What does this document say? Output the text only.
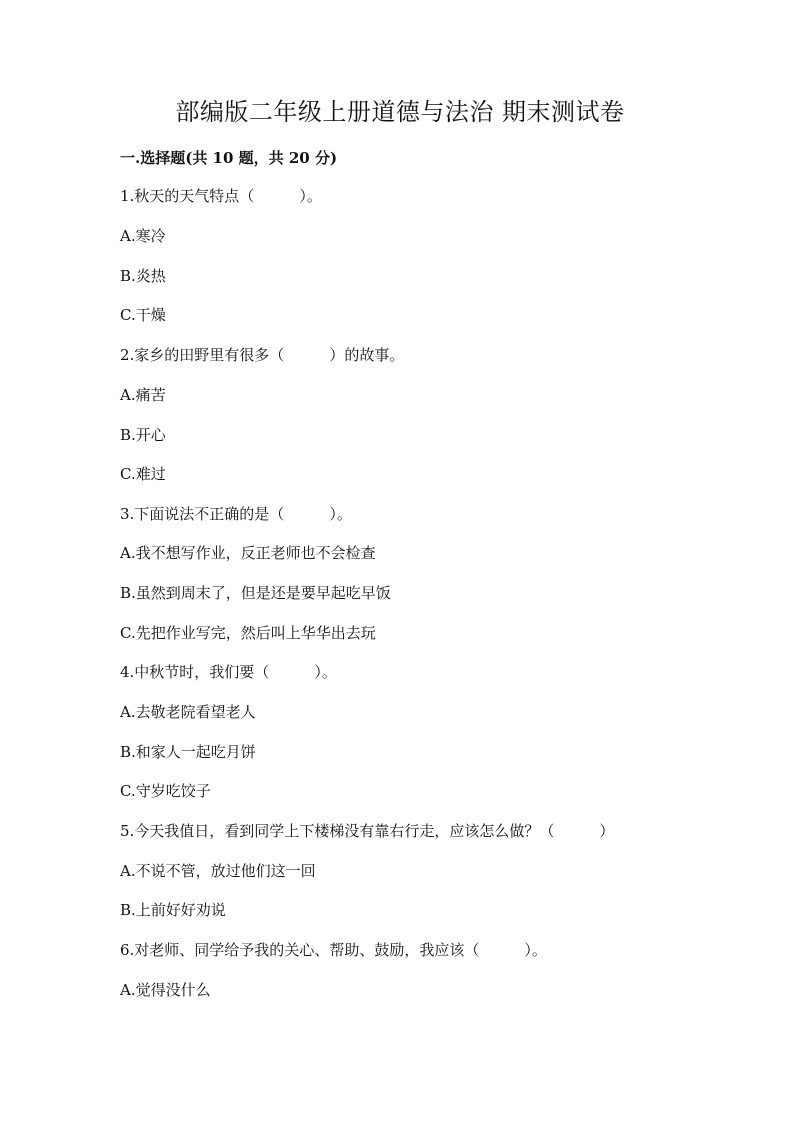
部编版二年级上册道德与法治 期末测试卷
一.选择题(共 10 题，共 20 分)
1.秋天的天气特点（　　　）。
A.寒冷
B.炎热
C.干燥
2.家乡的田野里有很多（　　　）的故事。
A.痛苦
B.开心
C.难过
3.下面说法不正确的是（　　　）。
A.我不想写作业，反正老师也不会检查
B.虽然到周末了，但是还是要早起吃早饭
C.先把作业写完，然后叫上华华出去玩
4.中秋节时，我们要（　　　）。
A.去敬老院看望老人
B.和家人一起吃月饼
C.守岁吃饺子
5.今天我值日，看到同学上下楼梯没有靠右行走，应该怎么做？（　　　）
A.不说不管，放过他们这一回
B.上前好好劝说
6.对老师、同学给予我的关心、帮助、鼓励，我应该（　　　）。
A.觉得没什么
